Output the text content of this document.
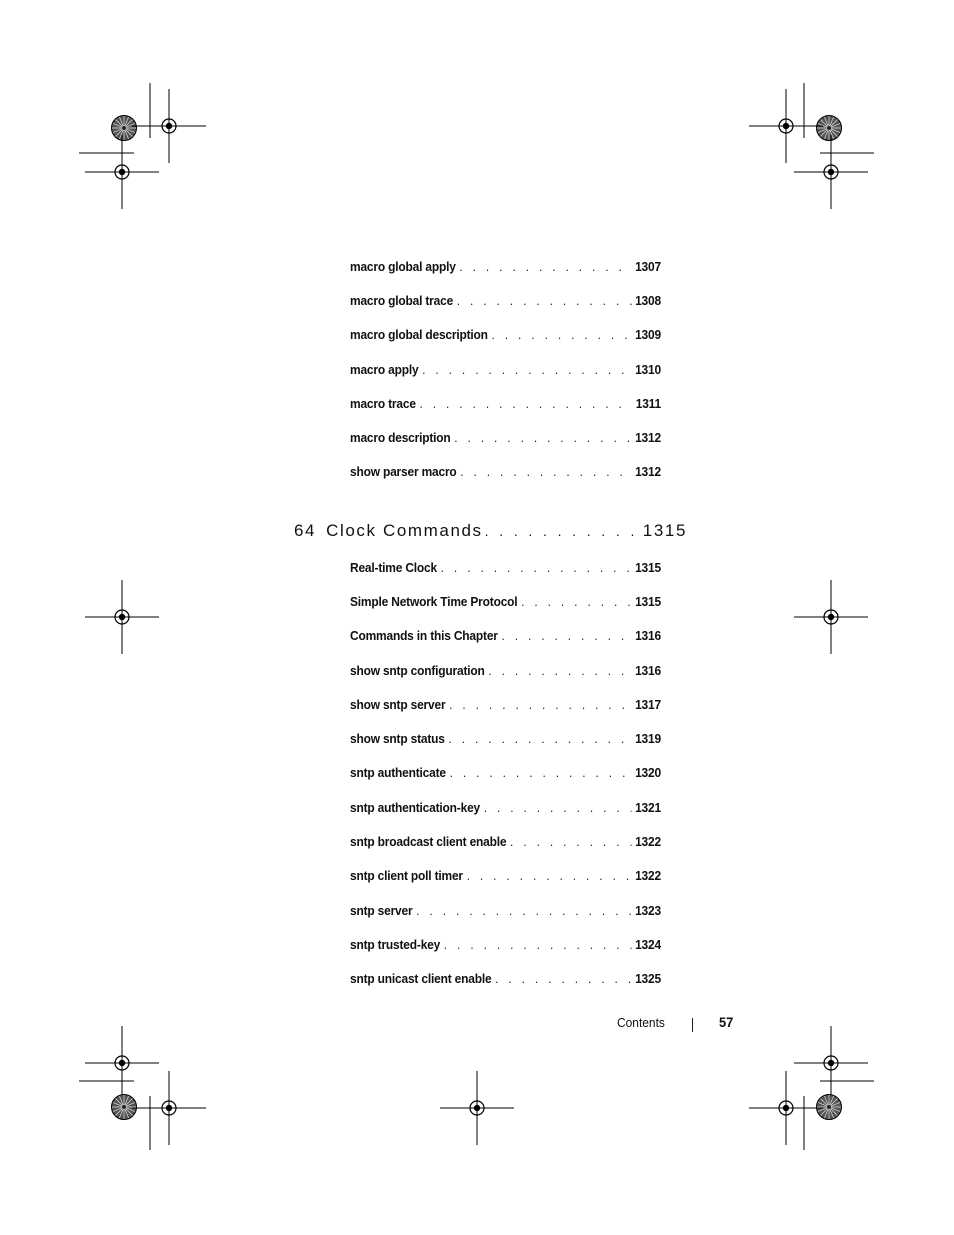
macro global apply . . .	1307
macro global trace . . .	1308
macro global description . . .	1309
macro apply . . .	1310
macro trace . . .	1311
macro description . . .	1312
show parser macro . . .	1312
64 Clock Commands . . .	1315
Real-time Clock . . .	1315
Simple Network Time Protocol . . .	1315
Commands in this Chapter . . .	1316
show sntp configuration . . .	1316
show sntp server . . .	1317
show sntp status . . .	1319
sntp authenticate . . .	1320
sntp authentication-key . . .	1321
sntp broadcast client enable . . .	1322
sntp client poll timer . . .	1322
sntp server . . .	1323
sntp trusted-key . . .	1324
sntp unicast client enable . . .	1325
Contents	57
